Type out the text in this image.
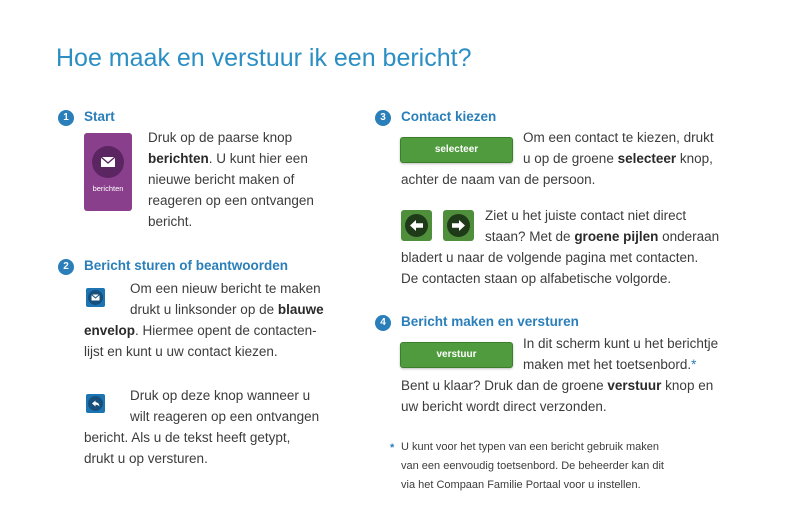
Hoe maak en verstuur ik een bericht?
1	Start
berichten
Druk op de paarse knop
berichten. U kunt hier een
nieuwe bericht maken of
reageren op een ontvangen
bericht.
2	Bericht sturen of beantwoorden
Om een nieuw bericht te maken
drukt u linksonder op de blauwe
envelop. Hiermee opent de contacten-
lijst en kunt u uw contact kiezen.
Druk op deze knop wanneer u
wilt reageren op een ontvangen
bericht. Als u de tekst heeft getypt,
drukt u op versturen.
3	Contact kiezen
selecteer
Om een contact te kiezen, drukt
u op de groene selecteer knop,
achter de naam van de persoon.
Ziet u het juiste contact niet direct
staan? Met de groene pijlen onderaan
bladert u naar de volgende pagina met contacten.
De contacten staan op alfabetische volgorde.
4	Bericht maken en versturen
verstuur
In dit scherm kunt u het berichtje
maken met het toetsenbord.*
Bent u klaar? Druk dan de groene verstuur knop en
uw bericht wordt direct verzonden.
* U kunt voor het typen van een bericht gebruik maken
van een eenvoudig toetsenbord. De beheerder kan dit
via het Compaan Familie Portaal voor u instellen.
